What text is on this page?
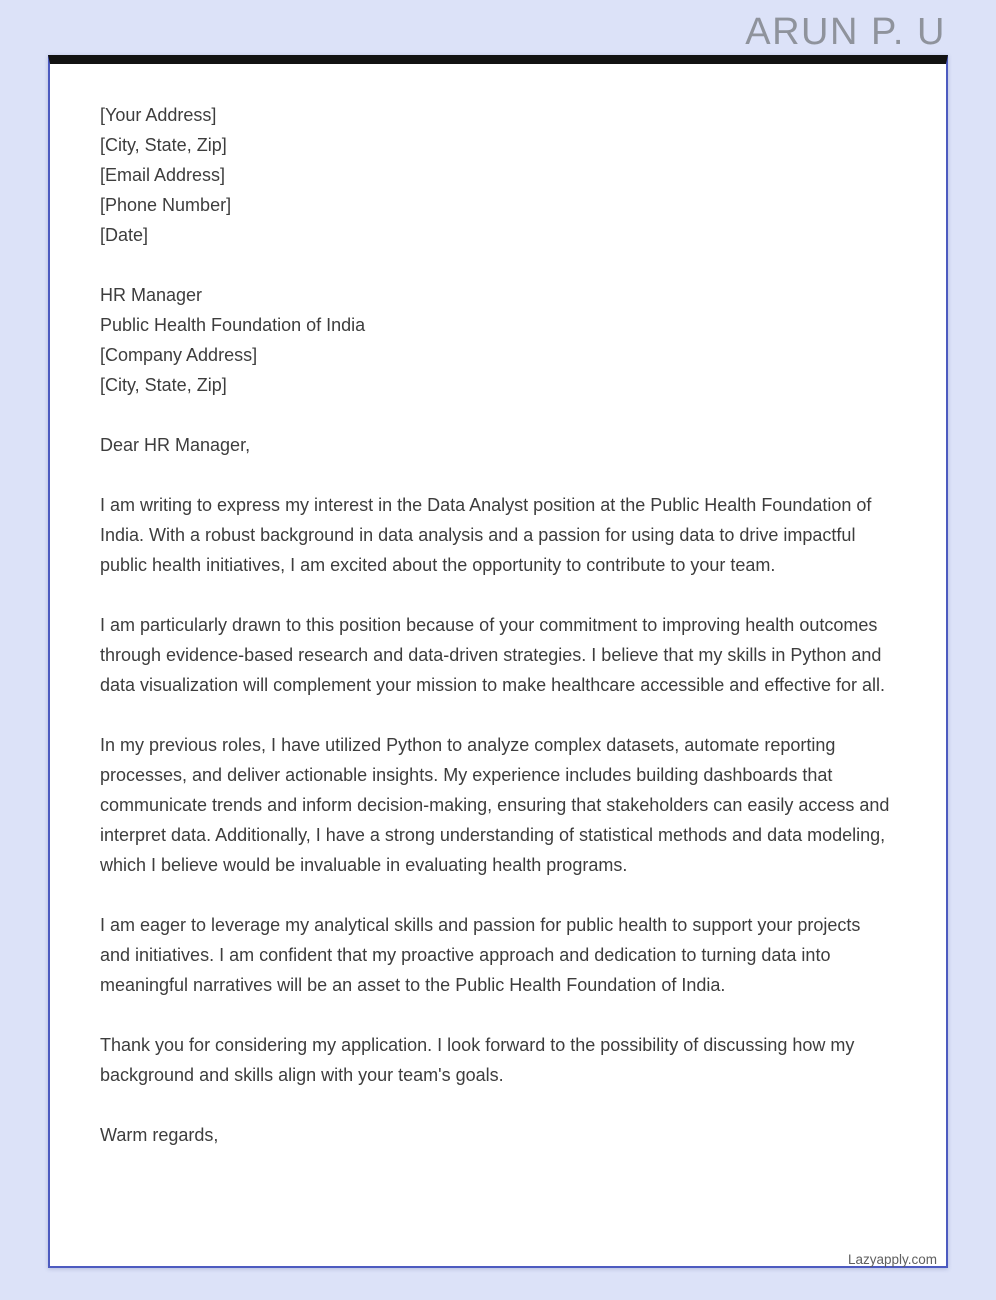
ARUN P. U
[Your Address]
[City, State, Zip]
[Email Address]
[Phone Number]
[Date]
HR Manager
Public Health Foundation of India
[Company Address]
[City, State, Zip]
Dear HR Manager,

I am writing to express my interest in the Data Analyst position at the Public Health Foundation of India. With a robust background in data analysis and a passion for using data to drive impactful public health initiatives, I am excited about the opportunity to contribute to your team.

I am particularly drawn to this position because of your commitment to improving health outcomes through evidence-based research and data-driven strategies. I believe that my skills in Python and data visualization will complement your mission to make healthcare accessible and effective for all.

In my previous roles, I have utilized Python to analyze complex datasets, automate reporting processes, and deliver actionable insights. My experience includes building dashboards that communicate trends and inform decision-making, ensuring that stakeholders can easily access and interpret data. Additionally, I have a strong understanding of statistical methods and data modeling, which I believe would be invaluable in evaluating health programs.

I am eager to leverage my analytical skills and passion for public health to support your projects and initiatives. I am confident that my proactive approach and dedication to turning data into meaningful narratives will be an asset to the Public Health Foundation of India.

Thank you for considering my application. I look forward to the possibility of discussing how my background and skills align with your team's goals.

Warm regards,
Lazyapply.com
